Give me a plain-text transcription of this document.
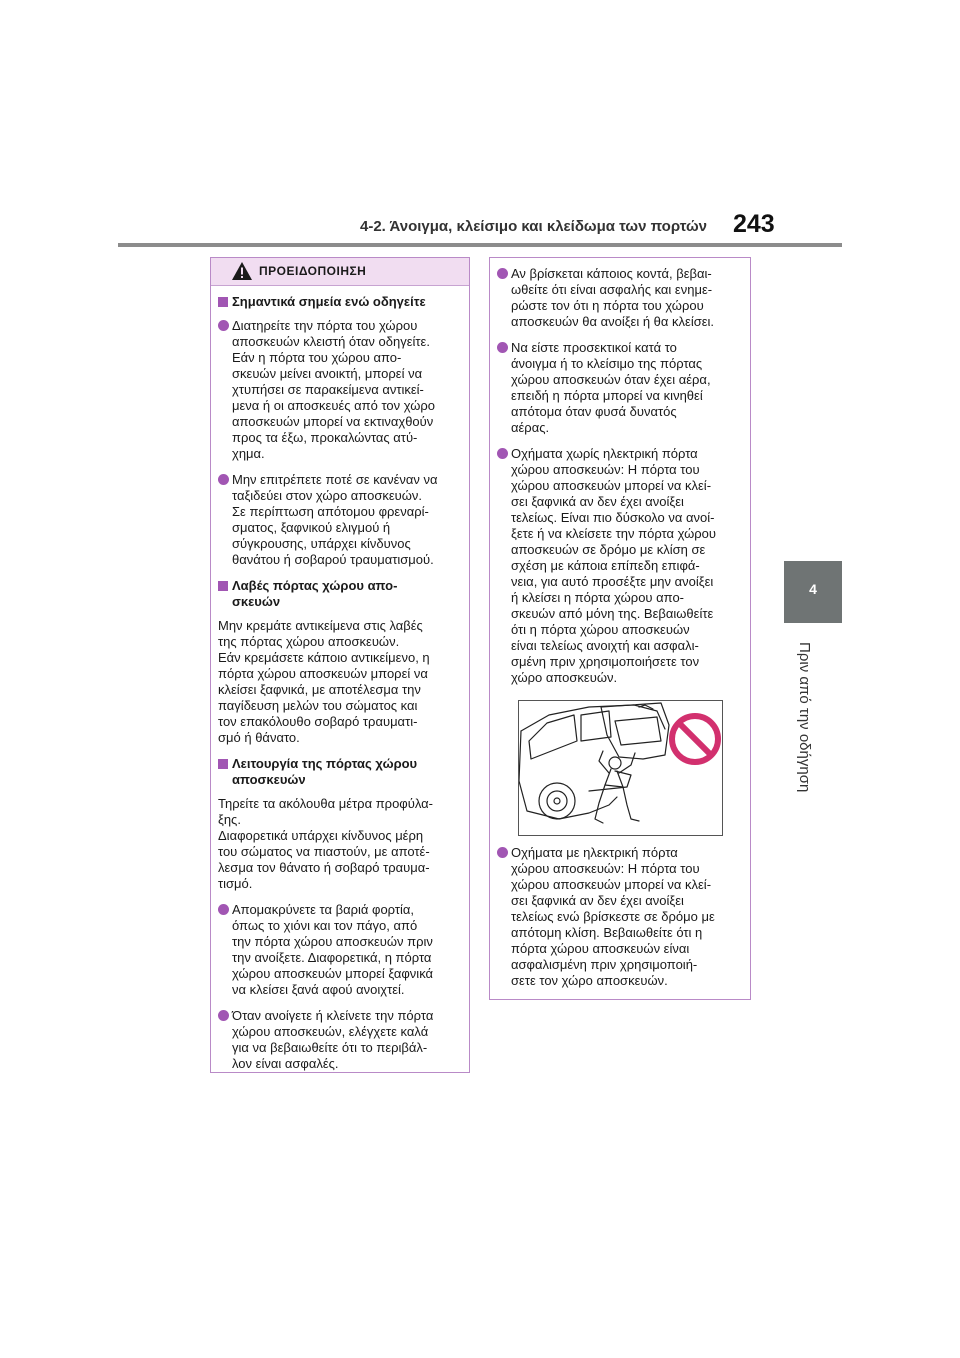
4-2. Άνοιγμα, κλείσιμο και κλείδωμα των πορτών 243
4
Πριν από την οδήγηση
ΠΡΟΕΙΔΟΠΟΙΗΣΗ
Σημαντικά σημεία ενώ οδηγείτε
Διατηρείτε την πόρτα του χώρου
αποσκευών κλειστή όταν οδηγείτε.
Εάν η πόρτα του χώρου απο-
σκευών μείνει ανοικτή, μπορεί να
χτυπήσει σε παρακείμενα αντικεί-
μενα ή οι αποσκευές από τον χώρο
αποσκευών μπορεί να εκτιναχθούν
προς τα έξω, προκαλώντας ατύ-
χημα.
Μην επιτρέπετε ποτέ σε κανέναν να
ταξιδεύει στον χώρο αποσκευών.
Σε περίπτωση απότομου φρεναρί-
σματος, ξαφνικού ελιγμού ή
σύγκρουσης, υπάρχει κίνδυνος
θανάτου ή σοβαρού τραυματισμού.
Λαβές πόρτας χώρου απο-
σκευών
Μην κρεμάτε αντικείμενα στις λαβές
της πόρτας χώρου αποσκευών.
Εάν κρεμάσετε κάποιο αντικείμενο, η
πόρτα χώρου αποσκευών μπορεί να
κλείσει ξαφνικά, με αποτέλεσμα την
παγίδευση μελών του σώματος και
τον επακόλουθο σοβαρό τραυματι-
σμό ή θάνατο.
Λειτουργία της πόρτας χώρου
αποσκευών
Τηρείτε τα ακόλουθα μέτρα προφύλα-
ξης.
Διαφορετικά υπάρχει κίνδυνος μέρη
του σώματος να πιαστούν, με αποτέ-
λεσμα τον θάνατο ή σοβαρό τραυμα-
τισμό.
Απομακρύνετε τα βαριά φορτία,
όπως το χιόνι και τον πάγο, από
την πόρτα χώρου αποσκευών πριν
την ανοίξετε. Διαφορετικά, η πόρτα
χώρου αποσκευών μπορεί ξαφνικά
να κλείσει ξανά αφού ανοιχτεί.
Όταν ανοίγετε ή κλείνετε την πόρτα
χώρου αποσκευών, ελέγχετε καλά
για να βεβαιωθείτε ότι το περιβάλ-
λον είναι ασφαλές.
Αν βρίσκεται κάποιος κοντά, βεβαι-
ωθείτε ότι είναι ασφαλής και ενημε-
ρώστε τον ότι η πόρτα του χώρου
αποσκευών θα ανοίξει ή θα κλείσει.
Να είστε προσεκτικοί κατά το
άνοιγμα ή το κλείσιμο της πόρτας
χώρου αποσκευών όταν έχει αέρα,
επειδή η πόρτα μπορεί να κινηθεί
απότομα όταν φυσά δυνατός
αέρας.
Οχήματα χωρίς ηλεκτρική πόρτα
χώρου αποσκευών: Η πόρτα του
χώρου αποσκευών μπορεί να κλεί-
σει ξαφνικά αν δεν έχει ανοίξει
τελείως. Είναι πιο δύσκολο να ανοί-
ξετε ή να κλείσετε την πόρτα χώρου
αποσκευών σε δρόμο με κλίση σε
σχέση με κάποια επίπεδη επιφά-
νεια, για αυτό προσέξτε μην ανοίξει
ή κλείσει η πόρτα χώρου απο-
σκευών από μόνη της. Βεβαιωθείτε
ότι η πόρτα χώρου αποσκευών
είναι τελείως ανοιχτή και ασφαλι-
σμένη πριν χρησιμοποιήσετε τον
χώρο αποσκευών.
Οχήματα με ηλεκτρική πόρτα
χώρου αποσκευών: Η πόρτα του
χώρου αποσκευών μπορεί να κλεί-
σει ξαφνικά αν δεν έχει ανοίξει
τελείως ενώ βρίσκεστε σε δρόμο με
απότομη κλίση. Βεβαιωθείτε ότι η
πόρτα χώρου αποσκευών είναι
ασφαλισμένη πριν χρησιμοποιή-
σετε τον χώρο αποσκευών.
